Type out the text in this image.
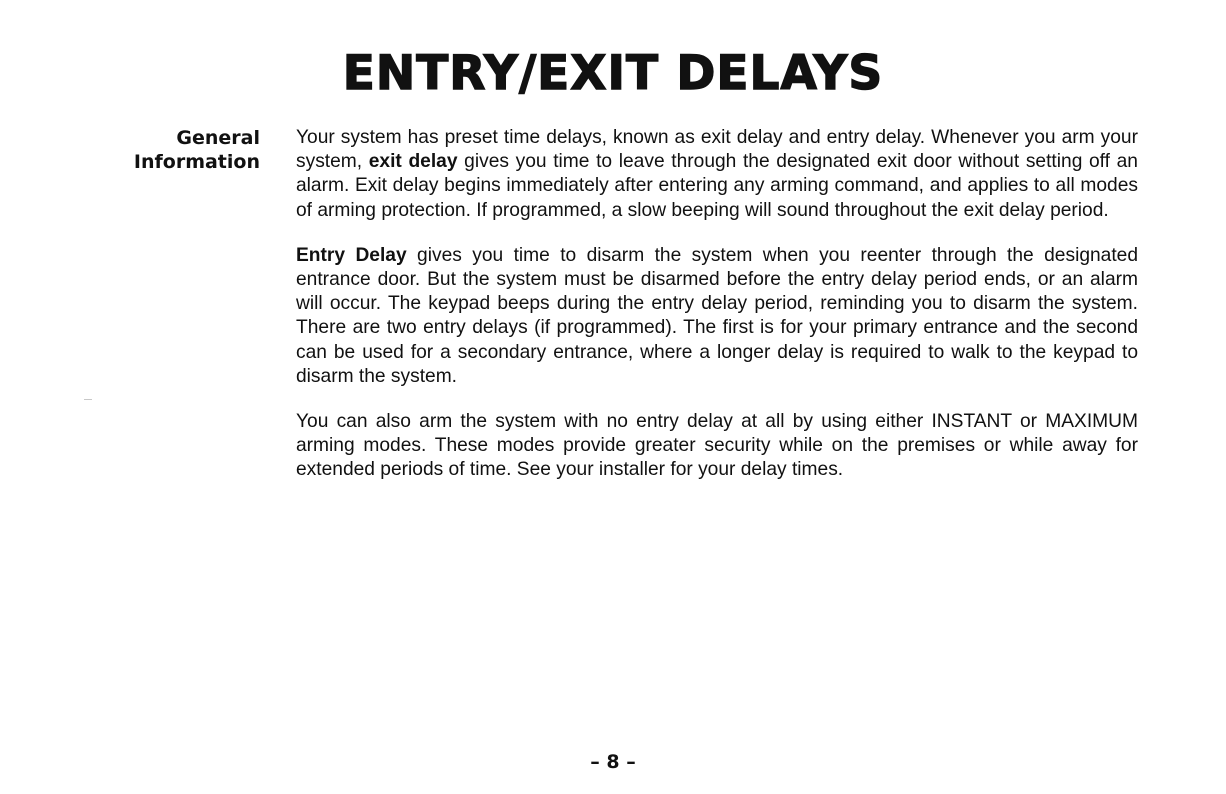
ENTRY/EXIT DELAYS
General
Information

Your system has preset time delays, known as exit delay and entry delay. Whenever you arm your system, exit delay gives you time to leave through the designated exit door without setting off an alarm. Exit delay begins immediately after entering any arming command, and applies to all modes of arming protection. If programmed, a slow beeping will sound throughout the exit delay period.

Entry Delay gives you time to disarm the system when you reenter through the designated entrance door. But the system must be disarmed before the entry delay period ends, or an alarm will occur. The keypad beeps during the entry delay period, reminding you to disarm the system. There are two entry delays (if programmed). The first is for your primary entrance and the second can be used for a secondary entrance, where a longer delay is required to walk to the keypad to disarm the system.

You can also arm the system with no entry delay at all by using either INSTANT or MAXIMUM arming modes. These modes provide greater security while on the premises or while away for extended periods of time. See your installer for your delay times.

– 8 –
